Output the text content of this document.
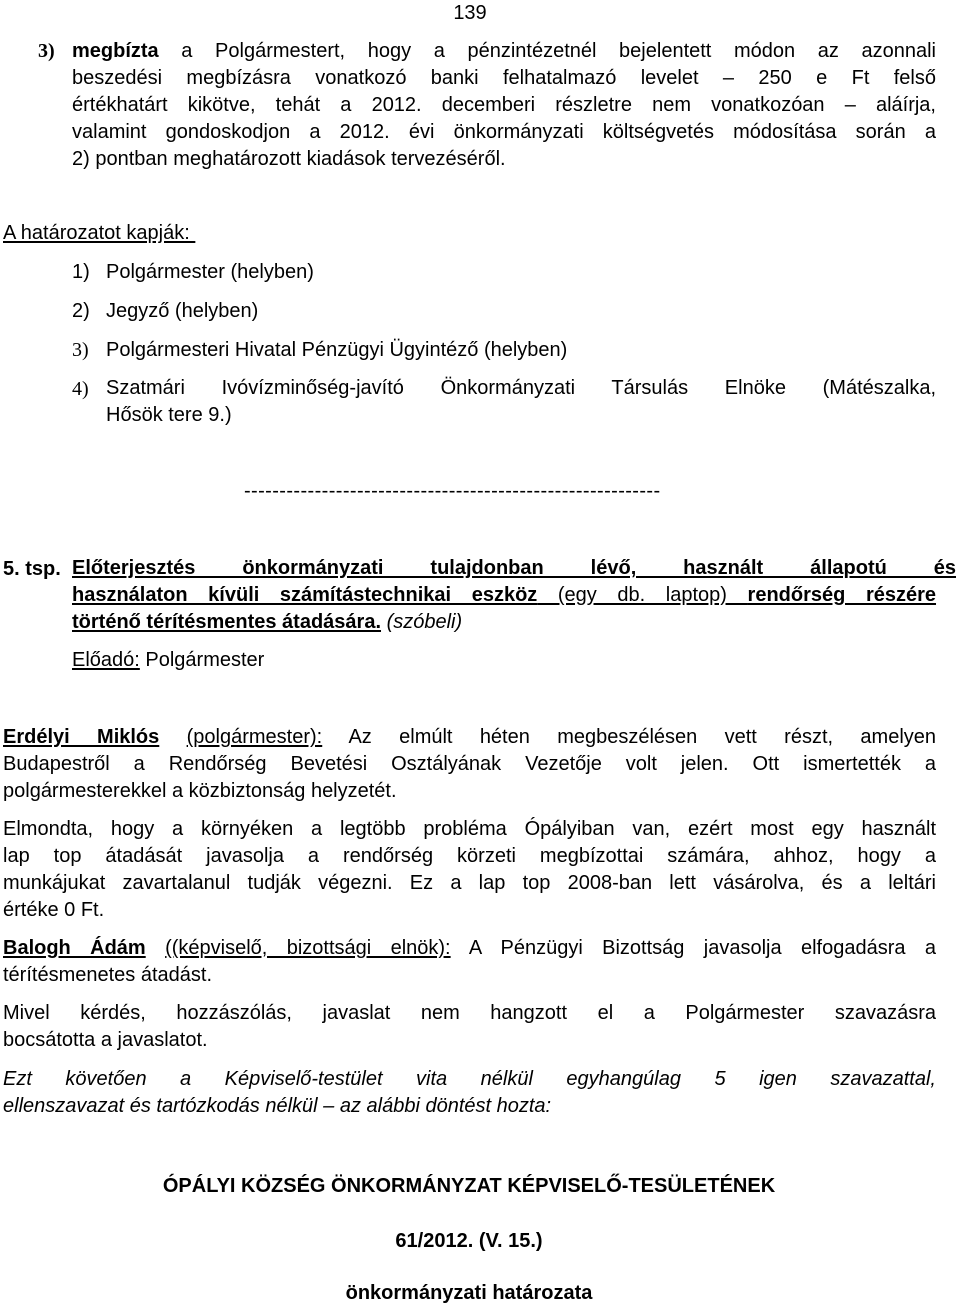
139
3) megbízta a Polgármestert, hogy a pénzintézetnél bejelentett módon az azonnali
beszedési megbízásra vonatkozó banki felhatalmazó levelet – 250 e Ft felső
értékhatárt kikötve, tehát a 2012. decemberi részletre nem vonatkozóan – aláírja,
valamint gondoskodjon a 2012. évi önkormányzati költségvetés módosítása során a
2) pontban meghatározott kiadások tervezéséről.
A határozatot kapják:
1) Polgármester (helyben)
2) Jegyző (helyben)
3) Polgármesteri Hivatal Pénzügyi Ügyintéző (helyben)
4) Szatmári Ivóvízminőség-javító Önkormányzati Társulás Elnöke (Mátészalka,
Hősök tere 9.)
-----------------------------------------------------------
5. tsp. Előterjesztés önkormányzati tulajdonban lévő, használt állapotú és
használaton kívüli számítástechnikai eszköz (egy db. laptop) rendőrség részére
történő térítésmentes átadására. (szóbeli)
Előadó: Polgármester
Erdélyi Miklós (polgármester): Az elmúlt héten megbeszélésen vett részt, amelyen
Budapestről a Rendőrség Bevetési Osztályának Vezetője volt jelen. Ott ismertették a
polgármesterekkel a közbiztonság helyzetét.
Elmondta, hogy a környéken a legtöbb probléma Ópályiban van, ezért most egy használt
lap top átadását javasolja a rendőrség körzeti megbízottai számára, ahhoz, hogy a
munkájukat zavartalanul tudják végezni. Ez a lap top 2008-ban lett vásárolva, és a leltári
értéke 0 Ft.
Balogh Ádám ((képviselő, bizottsági elnök): A Pénzügyi Bizottság javasolja elfogadásra a
térítésmenetes átadást.
Mivel kérdés, hozzászólás, javaslat nem hangzott el a Polgármester szavazásra
bocsátotta a javaslatot.
Ezt követően a Képviselő-testület vita nélkül egyhangúlag 5 igen szavazattal,
ellenszavazat és tartózkodás nélkül – az alábbi döntést hozta:
ÓPÁLYI KÖZSÉG ÖNKORMÁNYZAT KÉPVISELŐ-TESÜLETÉNEK
61/2012. (V. 15.)
önkormányzati határozata
